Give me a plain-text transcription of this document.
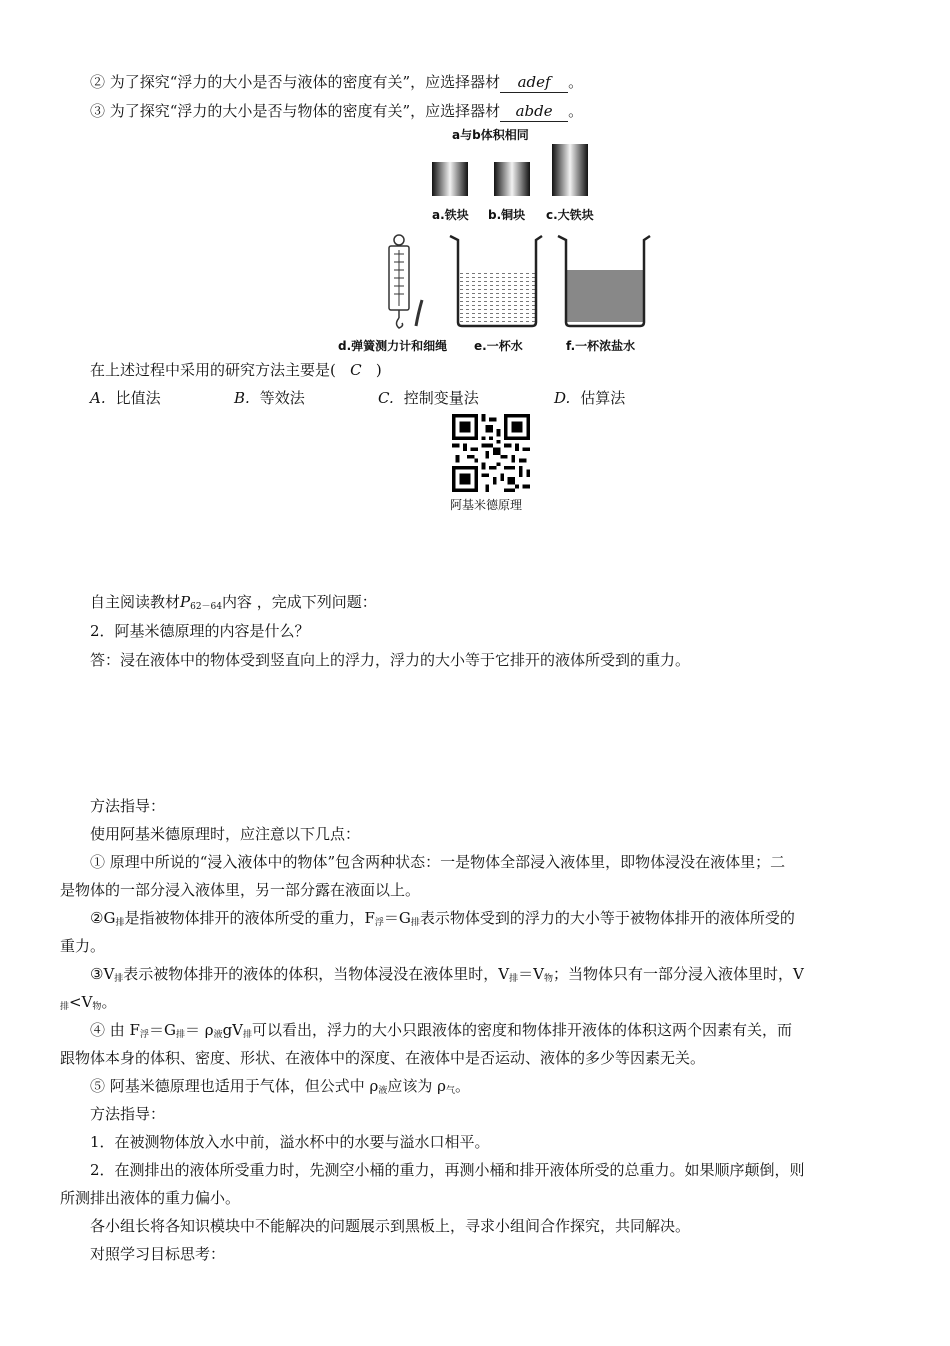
② 为了探究“浮力的大小是否与液体的密度有关”，应选择器材 adef 。
③ 为了探究“浮力的大小是否与物体的密度有关”，应选择器材 abde 。
a与b体积相同
a.铁块 b.铜块 c.大铁块
d.弹簧测力计和细绳 e.一杯水	f.一杯浓盐水
在上述过程中采用的研究方法主要是( C )
A. 比值法	B. 等效法	C. 控制变量法	D. 估算法
阿基米德原理
自主阅读教材$P_{62-64}$内容 ，完成下列问题：
2．阿基米德原理的内容是什么？
答：浸在液体中的物体受到竖直向上的浮力，浮力的大小等于它排开的液体所受到的重力。
方法指导：
使用阿基米德原理时，应注意以下几点：
① 原理中所说的“浸入液体中的物体”包含两种状态：一是物体全部浸入液体里，即物体浸没在液体里；二
是物体的一部分浸入液体里，另一部分露在液面以上。
$②G_排$是指被物体排开的液体所受的重力，$F_浮=G_排$表示物体受到的浮力的大小等于被物体排开的液体所受的
重力。
$③V_排$表示被物体排开的液体的体积，当物体浸没在液体里时，$V_排=V_物$；当物体只有一部分浸入液体里时，V
$_排<V_物$。
④ 由 $F_浮=G_排= \rho_液gV_排$可以看出，浮力的大小只跟液体的密度和物体排开液体的体积这两个因素有关，而
跟物体本身的体积、密度、形状、在液体中的深度、在液体中是否运动、液体的多少等因素无关。
⑤ 阿基米德原理也适用于气体，但公式中 $\rho_液$应该为 $\rho_气$。
方法指导：
1．在被测物体放入水中前，溢水杯中的水要与溢水口相平。
2．在测排出的液体所受重力时，先测空小桶的重力，再测小桶和排开液体所受的总重力。如果顺序颠倒，则
所测排出液体的重力偏小。
各小组长将各知识模块中不能解决的问题展示到黑板上，寻求小组间合作探究，共同解决。
对照学习目标思考：
